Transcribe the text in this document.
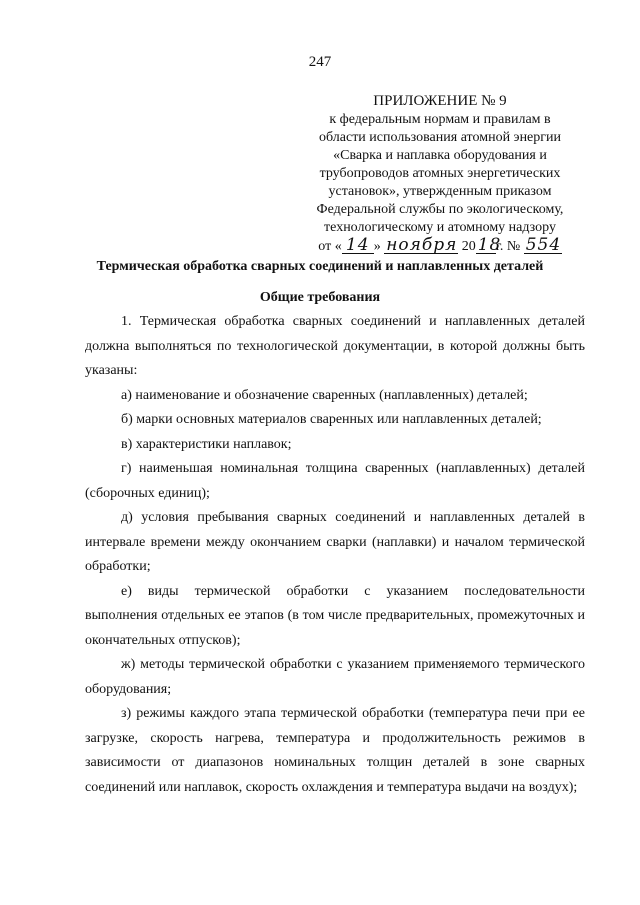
247
ПРИЛОЖЕНИЕ № 9
к федеральным нормам и правилам в
области использования атомной энергии
«Сварка и наплавка оборудования и
трубопроводов атомных энергетических
установок», утвержденным приказом
Федеральной службы по экологическому,
технологическому и атомному надзору
от « 14 » ноября 20 18г. № 554
Термическая обработка сварных соединений и наплавленных деталей
Общие требования

1. Термическая обработка сварных соединений и наплавленных деталей должна выполняться по технологической документации, в которой должны быть указаны:

а) наименование и обозначение сваренных (наплавленных) деталей;

б) марки основных материалов сваренных или наплавленных деталей;

в) характеристики наплавок;

г) наименьшая номинальная толщина сваренных (наплавленных) деталей (сборочных единиц);

д) условия пребывания сварных соединений и наплавленных деталей в интервале времени между окончанием сварки (наплавки) и началом термической обработки;

е) виды термической обработки с указанием последовательности выполнения отдельных ее этапов (в том числе предварительных, промежуточных и окончательных отпусков);

ж) методы термической обработки с указанием применяемого термического оборудования;

з) режимы каждого этапа термической обработки (температура печи при ее загрузке, скорость нагрева, температура и продолжительность режимов в зависимости от диапазонов номинальных толщин деталей в зоне сварных соединений или наплавок, скорость охлаждения и температура выдачи на воздух);
